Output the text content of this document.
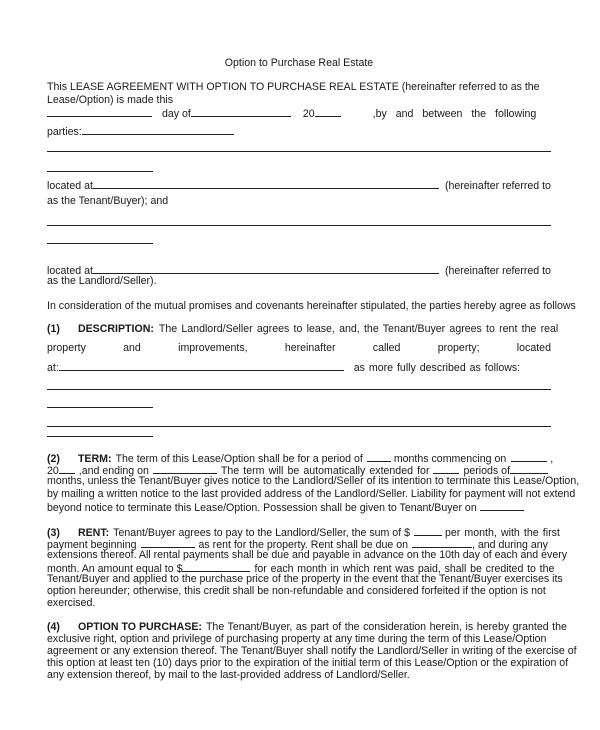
Option to Purchase Real Estate
This LEASE AGREEMENT WITH OPTION TO PURCHASE REAL ESTATE (hereinafter referred to as the
Lease/Option) is made this
day of	20	,by and between the following
parties:
located at	(hereinafter referred to
as the Tenant/Buyer); and
located at	(hereinafter referred to
as the Landlord/Seller).
In consideration of the mutual promises and covenants hereinafter stipulated, the parties hereby agree as follows
(1) DESCRIPTION: The Landlord/Seller agrees to lease, and, the Tenant/Buyer agrees to rent the real
property	and	improvements,	hereinafter	called	property;	located
at:	as more fully described as follows:
(2) TERM: The term of this Lease/Option shall be for a period of	months commencing on	,
20 ,and ending on	The term will be automatically extended for	periods of
months, unless the Tenant/Buyer gives notice to the Landlord/Seller of its intention to terminate this Lease/Option,
by mailing a written notice to the last provided address of the Landlord/Seller. Liability for payment will not extend
beyond notice to terminate this Lease/Option. Possession shall be given to Tenant/Buyer on
(3) RENT: Tenant/Buyer agrees to pay to the Landlord/Seller, the sum of $	per month, with the first
payment beginning	as rent for the property. Rent shall be due on	, and during any
extensions thereof. All rental payments shall be due and payable in advance on the 10th day of each and every
month. An amount equal to $	for each month in which rent was paid, shall be credited to the
Tenant/Buyer and applied to the purchase price of the property in the event that the Tenant/Buyer exercises its
option hereunder; otherwise, this credit shall be non-refundable and considered forfeited if the option is not
exercised.
(4) OPTION TO PURCHASE: The Tenant/Buyer, as part of the consideration herein, is hereby granted the
exclusive right, option and privilege of purchasing property at any time during the term of this Lease/Option
agreement or any extension thereof. The Tenant/Buyer shall notify the Landlord/Seller in writing of the exercise of
this option at least ten (10) days prior to the expiration of the initial term of this Lease/Option or the expiration of
any extension thereof, by mail to the last-provided address of Landlord/Seller.
